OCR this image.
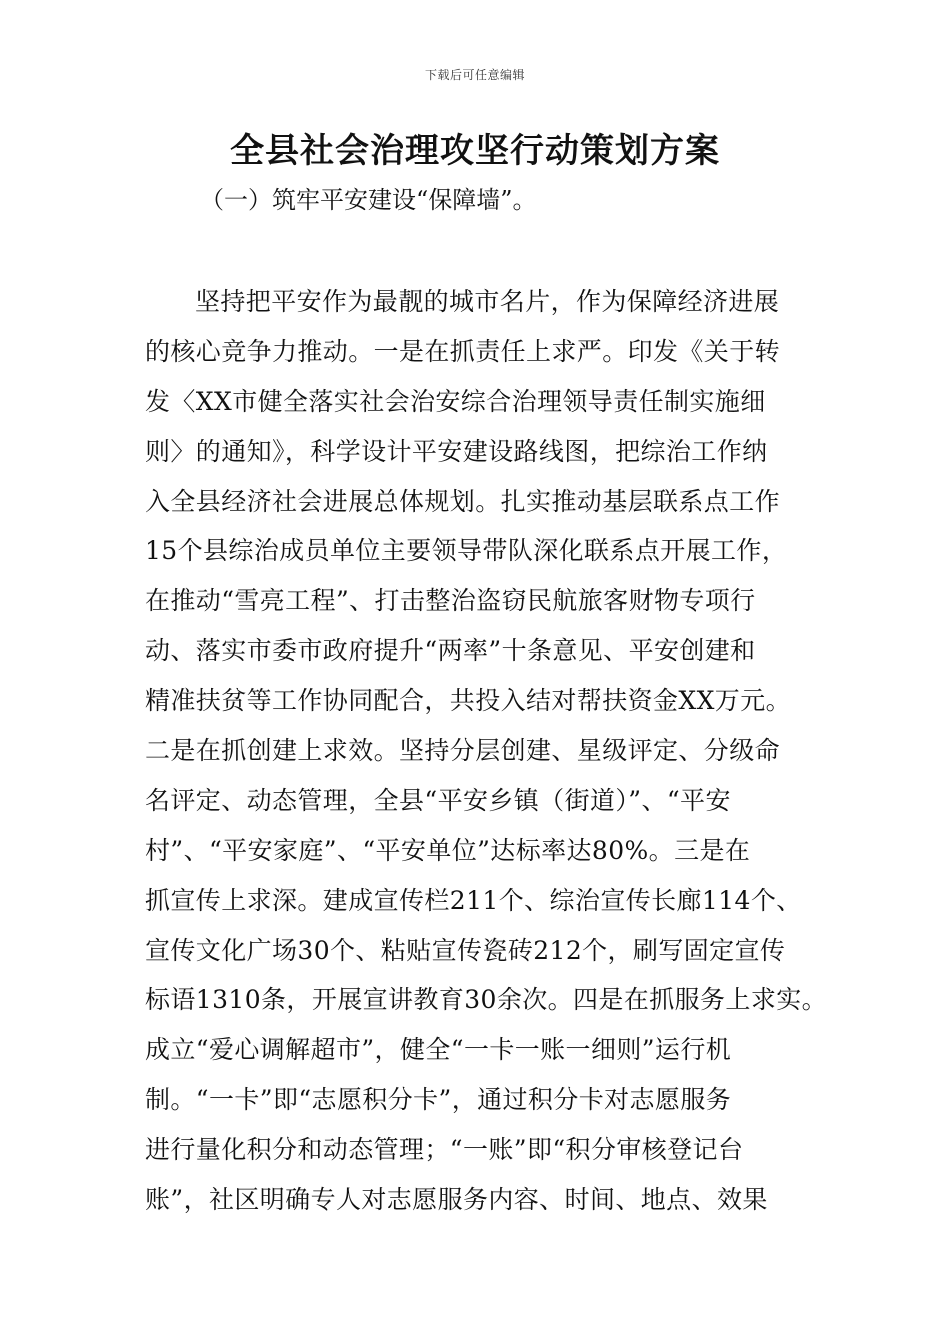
下载后可任意编辑
全县社会治理攻坚行动策划方案

（一）筑牢平安建设“保障墙”。

坚持把平安作为最靓的城市名片，作为保障经济进展
的核心竞争力推动。一是在抓责任上求严。印发《关于转
发〈XX市健全落实社会治安综合治理领导责任制实施细
则〉的通知》，科学设计平安建设路线图，把综治工作纳
入全县经济社会进展总体规划。扎实推动基层联系点工作
15个县综治成员单位主要领导带队深化联系点开展工作，
在推动“雪亮工程”、打击整治盗窃民航旅客财物专项行
动、落实市委市政府提升“两率”十条意见、平安创建和
精准扶贫等工作协同配合，共投入结对帮扶资金XX万元。
二是在抓创建上求效。坚持分层创建、星级评定、分级命
名评定、动态管理，全县“平安乡镇（街道）”、“平安
村”、“平安家庭”、“平安单位”达标率达80%。三是在
抓宣传上求深。建成宣传栏211个、综治宣传长廊114个、
宣传文化广场30个、粘贴宣传瓷砖212个，刷写固定宣传
标语1310条，开展宣讲教育30余次。四是在抓服务上求实。
成立“爱心调解超市”，健全“一卡一账一细则”运行机
制。“一卡”即“志愿积分卡”，通过积分卡对志愿服务
进行量化积分和动态管理；“一账”即“积分审核登记台
账”，社区明确专人对志愿服务内容、时间、地点、效果
